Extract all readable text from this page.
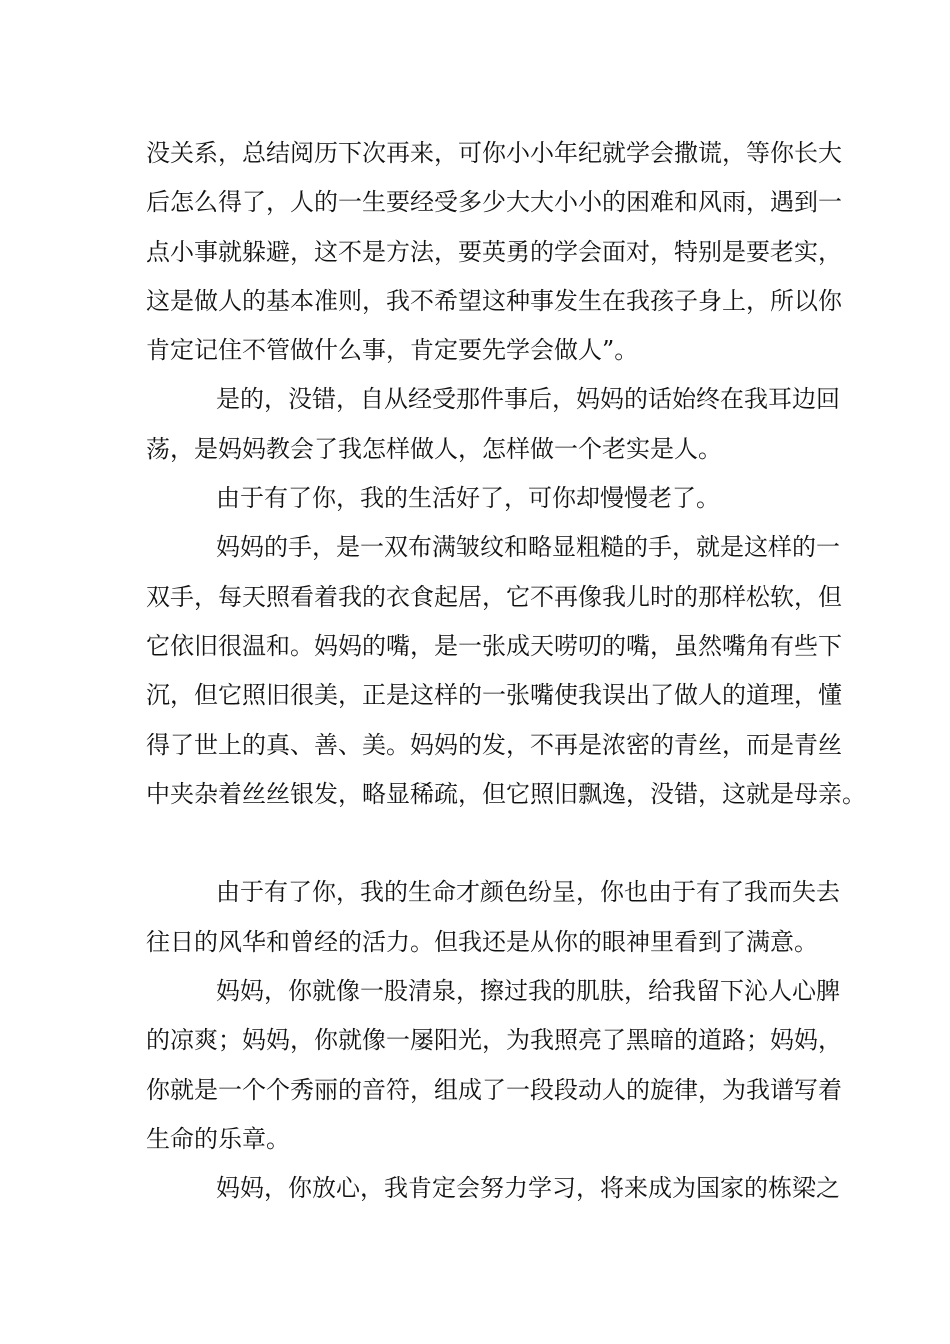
没关系，总结阅历下次再来，可你小小年纪就学会撒谎，等你长大
后怎么得了，人的一生要经受多少大大小小的困难和风雨，遇到一
点小事就躲避，这不是方法，要英勇的学会面对，特别是要老实，
这是做人的基本准则，我不希望这种事发生在我孩子身上，所以你
肯定记住不管做什么事，肯定要先学会做人”。
是的，没错，自从经受那件事后，妈妈的话始终在我耳边回
荡，是妈妈教会了我怎样做人，怎样做一个老实是人。
由于有了你，我的生活好了，可你却慢慢老了。
妈妈的手，是一双布满皱纹和略显粗糙的手，就是这样的一
双手，每天照看着我的衣食起居，它不再像我儿时的那样松软，但
它依旧很温和。妈妈的嘴，是一张成天唠叨的嘴，虽然嘴角有些下
沉，但它照旧很美，正是这样的一张嘴使我误出了做人的道理，懂
得了世上的真、善、美。妈妈的发，不再是浓密的青丝，而是青丝
中夹杂着丝丝银发，略显稀疏，但它照旧飘逸，没错，这就是母亲。
由于有了你，我的生命才颜色纷呈，你也由于有了我而失去
往日的风华和曾经的活力。但我还是从你的眼神里看到了满意。
妈妈，你就像一股清泉，擦过我的肌肤，给我留下沁人心脾
的凉爽；妈妈，你就像一屡阳光，为我照亮了黑暗的道路；妈妈，
你就是一个个秀丽的音符，组成了一段段动人的旋律，为我谱写着
生命的乐章。
妈妈，你放心，我肯定会努力学习，将来成为国家的栋梁之
